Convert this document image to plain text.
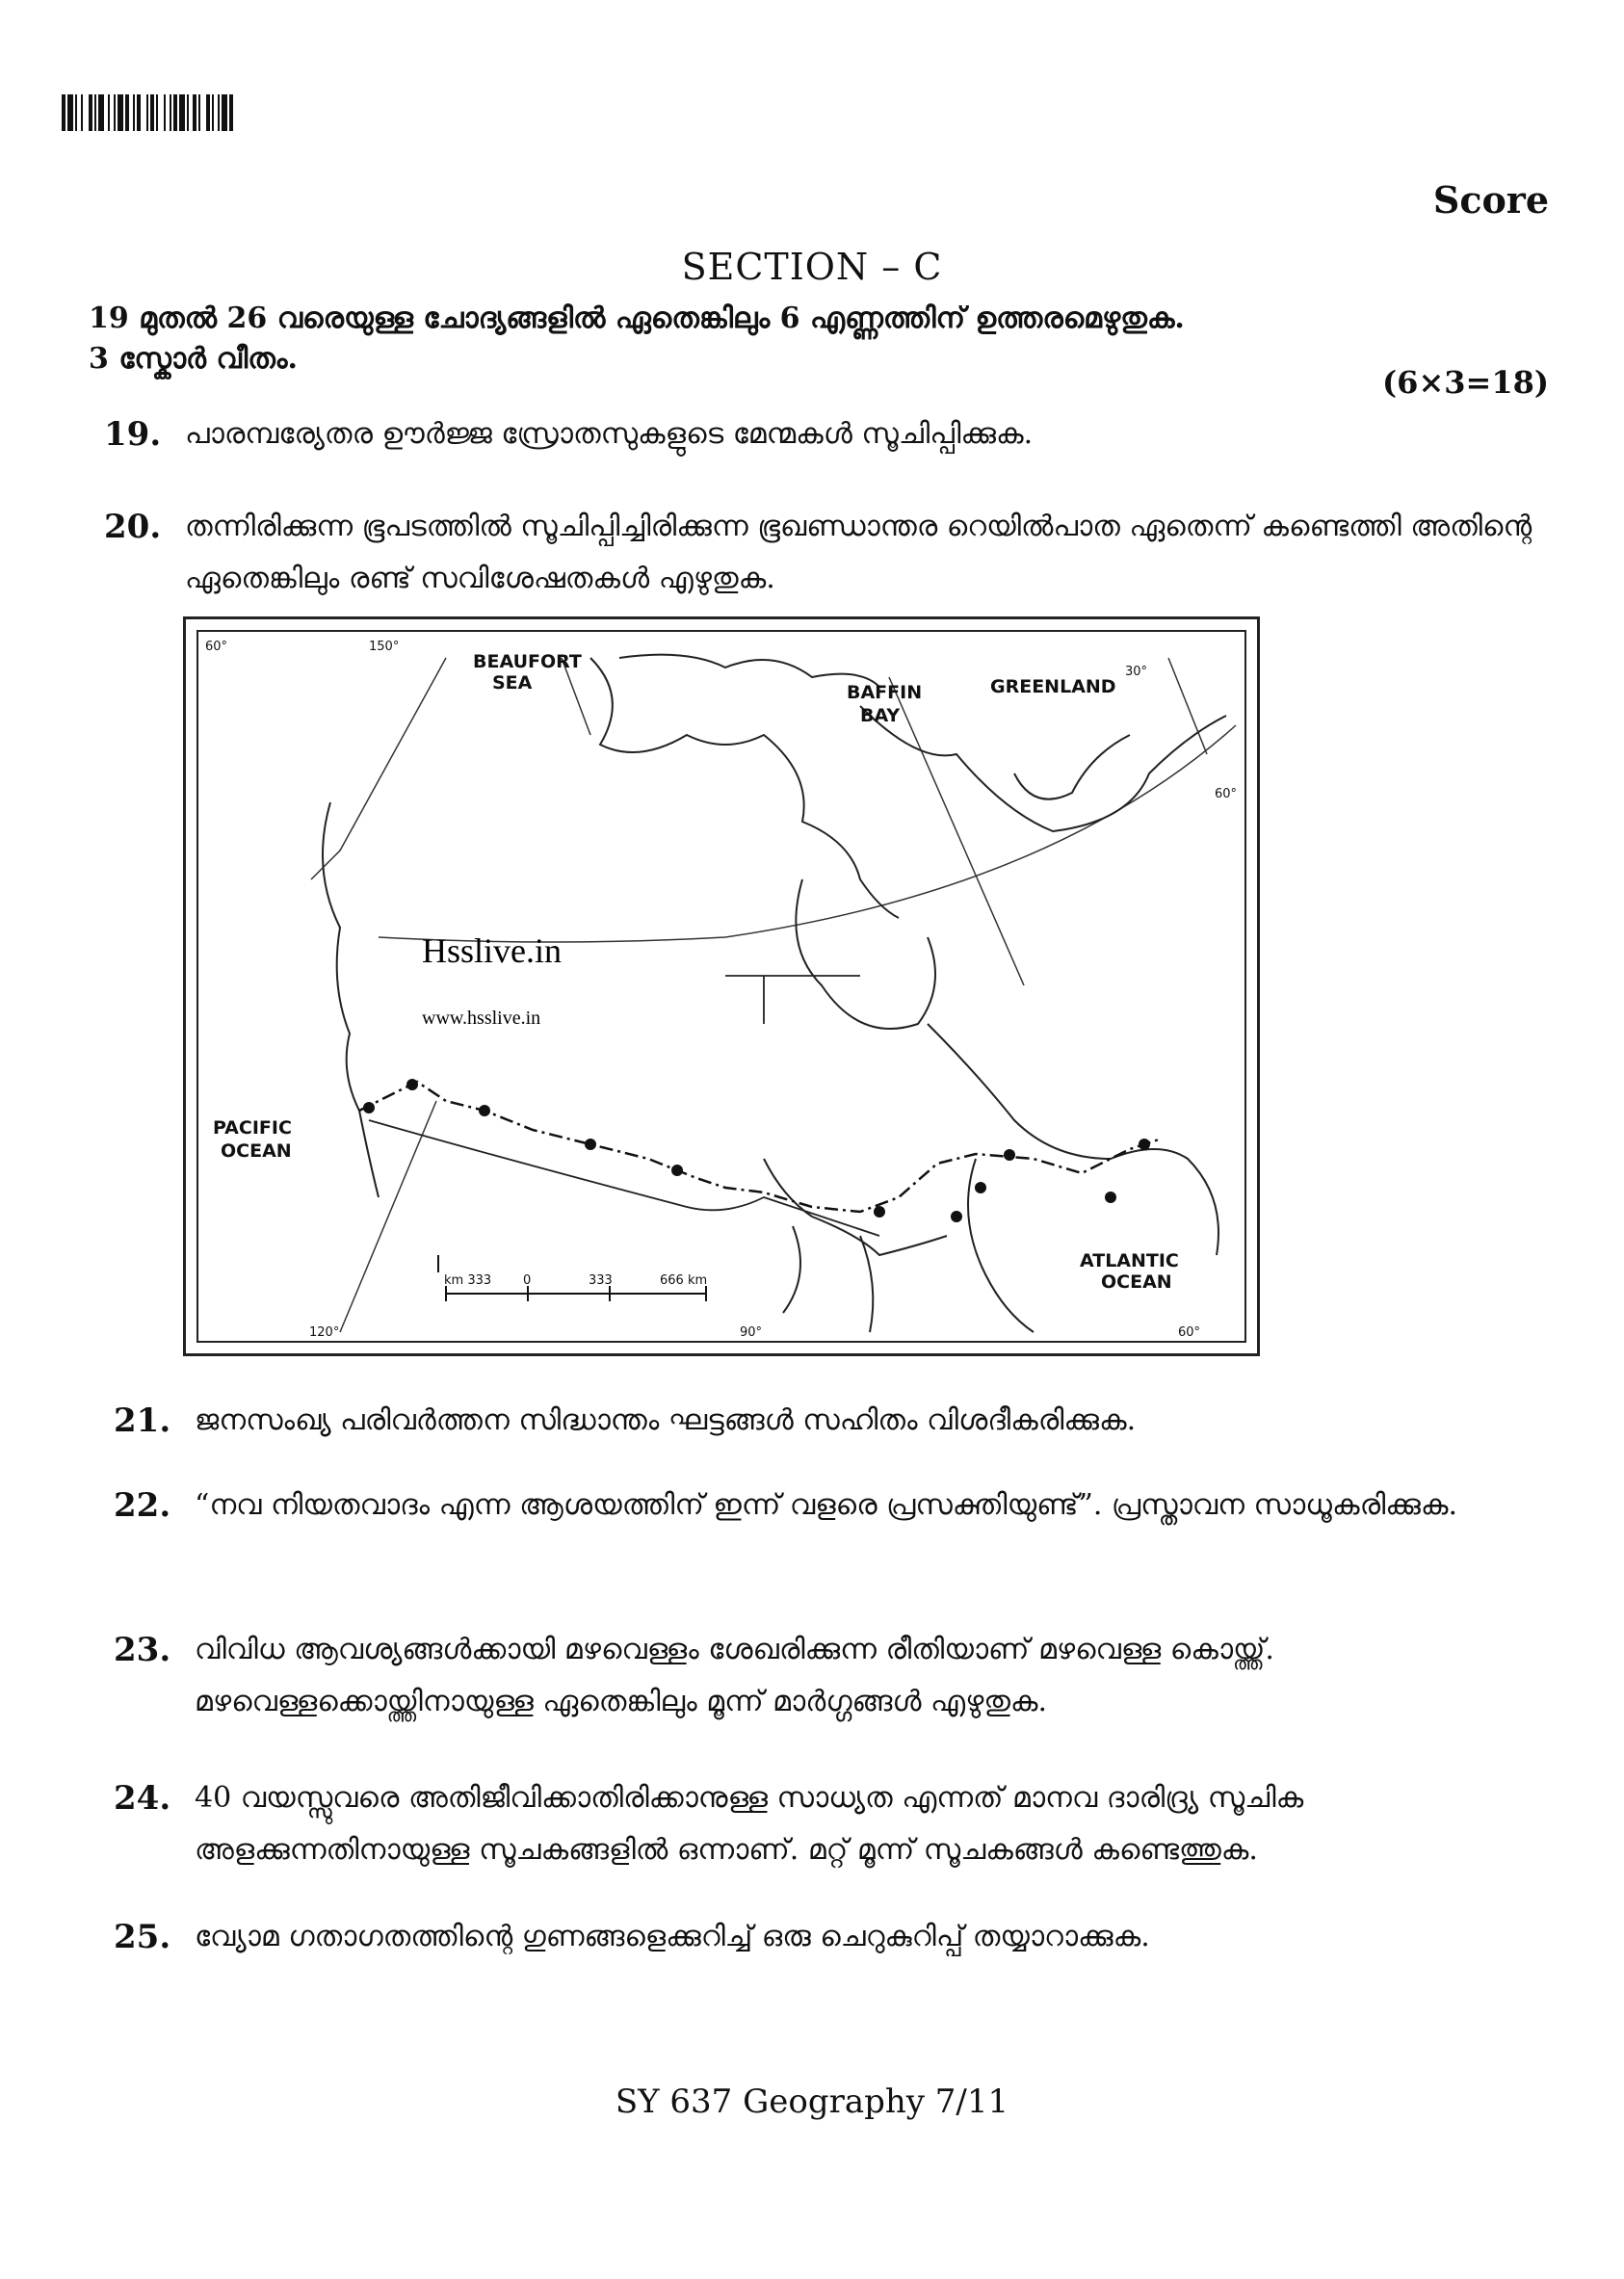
Score
SECTION – C
19 മുതൽ 26 വരെയുള്ള ചോദ്യങ്ങളിൽ ഏതെങ്കിലും 6 എണ്ണത്തിന് ഉത്തരമെഴുതുക.
3 സ്കോർ വീതം.
(6×3=18)
19. പാരമ്പര്യേതര ഊർജ്ജ സ്രോതസുകളുടെ മേന്മകൾ സൂചിപ്പിക്കുക.
20. തന്നിരിക്കുന്ന ഭൂപടത്തിൽ സൂചിപ്പിച്ചിരിക്കുന്ന ഭൂഖണ്ഡാന്തര റെയിൽപാത ഏതെന്ന് കണ്ടെത്തി അതിന്റെ ഏതെങ്കിലും രണ്ട് സവിശേഷതകൾ എഴുതുക.
BEAUFORT
SEA	BAFFIN
BAY
GREENLAND
PACIFIC
OCEAN
ATLANTIC
OCEAN
60°	150°
30°
60°
120°	90°	60°
km 333	0	333	666 km
Hsslive.in
www.hsslive.in
21. ജനസംഖ്യ പരിവർത്തന സിദ്ധാന്തം ഘട്ടങ്ങൾ സഹിതം വിശദീകരിക്കുക.
22. “നവ നിയതവാദം എന്ന ആശയത്തിന് ഇന്ന് വളരെ പ്രസക്തിയുണ്ട്”. പ്രസ്താവന സാധൂകരിക്കുക.
23. വിവിധ ആവശ്യങ്ങൾക്കായി മഴവെള്ളം ശേഖരിക്കുന്ന രീതിയാണ് മഴവെള്ള കൊയ്ത്ത്. മഴവെള്ളക്കൊയ്ത്തിനായുള്ള ഏതെങ്കിലും മൂന്ന് മാർഗ്ഗങ്ങൾ എഴുതുക.
24. 40 വയസ്സുവരെ അതിജീവിക്കാതിരിക്കാനുള്ള സാധ്യത എന്നത് മാനവ ദാരിദ്ര്യ സൂചിക അളക്കുന്നതിനായുള്ള സൂചകങ്ങളിൽ ഒന്നാണ്. മറ്റ് മൂന്ന് സൂചകങ്ങൾ കണ്ടെത്തുക.
25. വ്യോമ ഗതാഗതത്തിന്റെ ഗുണങ്ങളെക്കുറിച്ച് ഒരു ചെറുകുറിപ്പ് തയ്യാറാക്കുക.
SY 637 Geography 7/11
